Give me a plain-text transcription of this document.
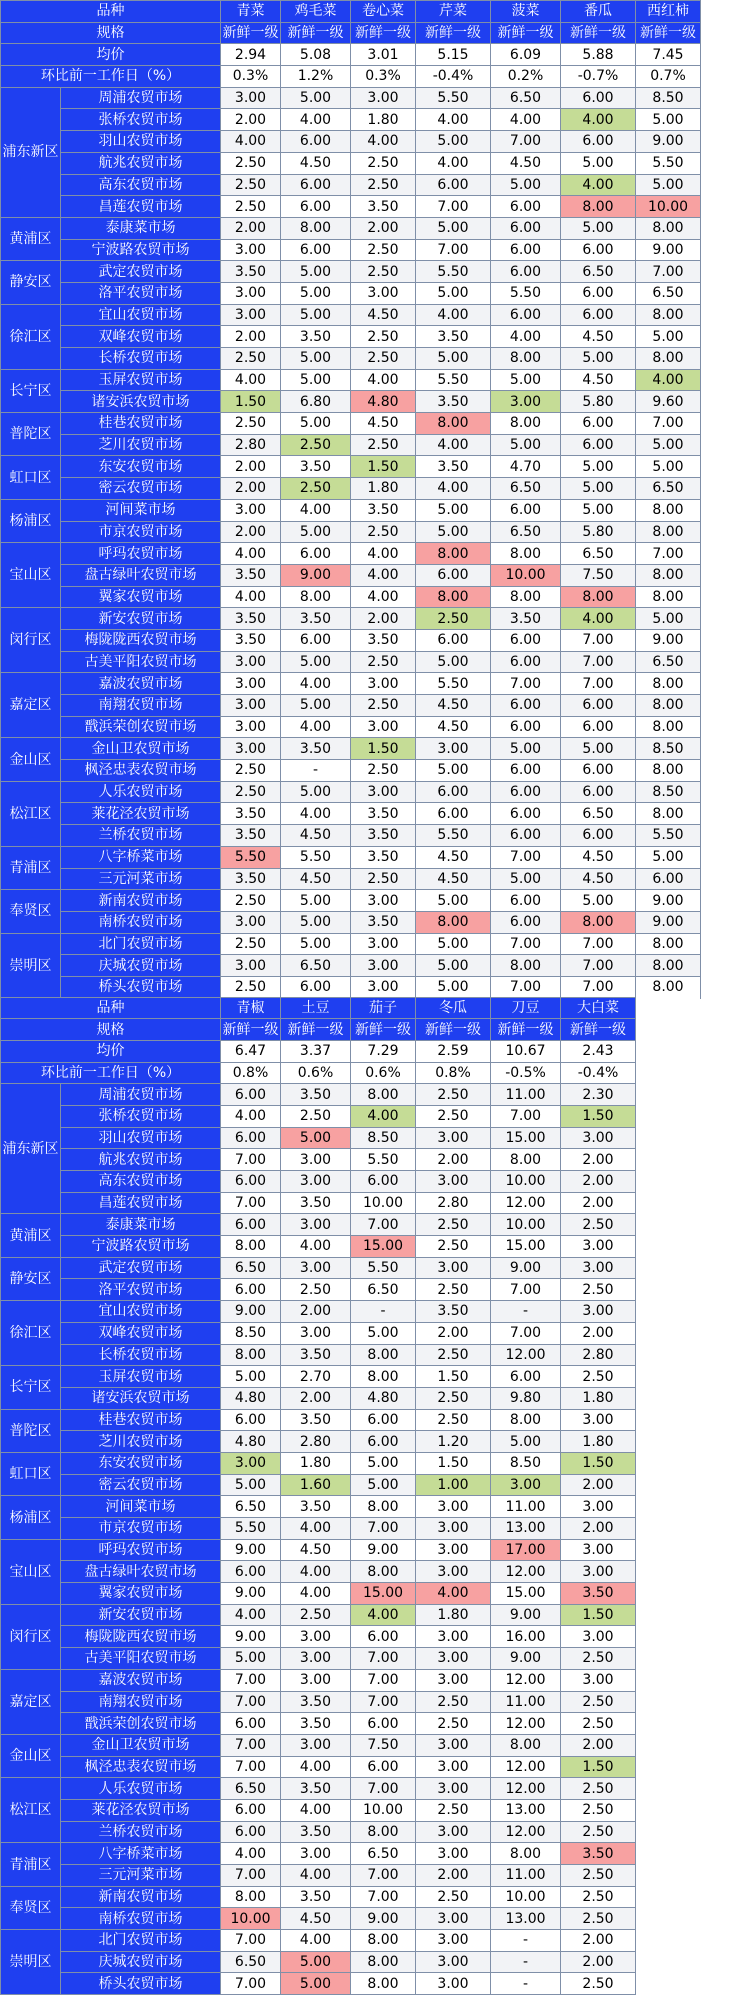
品种		青菜	鸡毛菜	卷心菜	芹菜	菠菜	番瓜	西红柿
规格		新鲜一级	新鲜一级	新鲜一级	新鲜一级	新鲜一级	新鲜一级	新鲜一级
均价		2.94	5.08	3.01	5.15	6.09	5.88	7.45
环比前一工作日（%）		0.3%	1.2%	0.3%	-0.4%	0.2%	-0.7%	0.7%
浦东新区	周浦农贸市场	3.00	5.00	3.00	5.50	6.50	6.00	8.50
	张桥农贸市场	2.00	4.00	1.80	4.00	4.00	4.00	5.00
	羽山农贸市场	4.00	6.00	4.00	5.00	7.00	6.00	9.00
	航兆农贸市场	2.50	4.50	2.50	4.00	4.50	5.00	5.50
	高东农贸市场	2.50	6.00	2.50	6.00	5.00	4.00	5.00
	昌莲农贸市场	2.50	6.00	3.50	7.00	6.00	8.00	10.00
黄浦区	泰康菜市场	2.00	8.00	2.00	5.00	6.00	5.00	8.00
	宁波路农贸市场	3.00	6.00	2.50	7.00	6.00	6.00	9.00
静安区	武定农贸市场	3.50	5.00	2.50	5.50	6.00	6.50	7.00
	洛平农贸市场	3.00	5.00	3.00	5.00	5.50	6.00	6.50
徐汇区	宜山农贸市场	3.00	5.00	4.50	4.00	6.00	6.00	8.00
	双峰农贸市场	2.00	3.50	2.50	3.50	4.00	4.50	5.00
	长桥农贸市场	2.50	5.00	2.50	5.00	8.00	5.00	8.00
长宁区	玉屏农贸市场	4.00	5.00	4.00	5.50	5.00	4.50	4.00
	诸安浜农贸市场	1.50	6.80	4.80	3.50	3.00	5.80	9.60
普陀区	桂巷农贸市场	2.50	5.00	4.50	8.00	8.00	6.00	7.00
	芝川农贸市场	2.80	2.50	2.50	4.00	5.00	6.00	5.00
虹口区	东安农贸市场	2.00	3.50	1.50	3.50	4.70	5.00	5.00
	密云农贸市场	2.00	2.50	1.80	4.00	6.50	5.00	6.50
杨浦区	河间菜市场	3.00	4.00	3.50	5.00	6.00	5.00	8.00
	市京农贸市场	2.00	5.00	2.50	5.00	6.50	5.80	8.00
宝山区	呼玛农贸市场	4.00	6.00	4.00	8.00	8.00	6.50	7.00
	盘古绿叶农贸市场	3.50	9.00	4.00	6.00	10.00	7.50	8.00
	翼家农贸市场	4.00	8.00	4.00	8.00	8.00	8.00	8.00
闵行区	新安农贸市场	3.50	3.50	2.00	2.50	3.50	4.00	5.00
	梅陇陇西农贸市场	3.50	6.00	3.50	6.00	6.00	7.00	9.00
	古美平阳农贸市场	3.00	5.00	2.50	5.00	6.00	7.00	6.50
嘉定区	嘉波农贸市场	3.00	4.00	3.00	5.50	7.00	7.00	8.00
	南翔农贸市场	3.00	5.00	2.50	4.50	6.00	6.00	8.00
	戬浜荣创农贸市场	3.00	4.00	3.00	4.50	6.00	6.00	8.00
金山区	金山卫农贸市场	3.00	3.50	1.50	3.00	5.00	5.00	8.50
	枫泾忠表农贸市场	2.50	-	2.50	5.00	6.00	6.00	8.00
松江区	人乐农贸市场	2.50	5.00	3.00	6.00	6.00	6.00	8.50
	莱花泾农贸市场	3.50	4.00	3.50	6.00	6.00	6.50	8.00
	兰桥农贸市场	3.50	4.50	3.50	5.50	6.00	6.00	5.50
青浦区	八字桥菜市场	5.50	5.50	3.50	4.50	7.00	4.50	5.00
	三元河菜市场	3.50	4.50	2.50	4.50	5.00	4.50	6.00
奉贤区	新南农贸市场	2.50	5.00	3.00	5.00	6.00	5.00	9.00
	南桥农贸市场	3.00	5.00	3.50	8.00	6.00	8.00	9.00
崇明区	北门农贸市场	2.50	5.00	3.00	5.00	7.00	7.00	8.00
	庆城农贸市场	3.00	6.50	3.00	5.00	8.00	7.00	8.00
	桥头农贸市场	2.50	6.00	3.00	5.00	7.00	7.00	8.00
品种		青椒	土豆	茄子	冬瓜	刀豆	大白菜	
规格		新鲜一级	新鲜一级	新鲜一级	新鲜一级	新鲜一级	新鲜一级	
均价		6.47	3.37	7.29	2.59	10.67	2.43	
环比前一工作日（%）		0.8%	0.6%	0.6%	0.8%	-0.5%	-0.4%	
浦东新区	周浦农贸市场	6.00	3.50	8.00	2.50	11.00	2.30	
	张桥农贸市场	4.00	2.50	4.00	2.50	7.00	1.50	
	羽山农贸市场	6.00	5.00	8.50	3.00	15.00	3.00	
	航兆农贸市场	7.00	3.00	5.50	2.00	8.00	2.00	
	高东农贸市场	6.00	3.00	6.00	3.00	10.00	2.00	
	昌莲农贸市场	7.00	3.50	10.00	2.80	12.00	2.00	
黄浦区	泰康菜市场	6.00	3.00	7.00	2.50	10.00	2.50	
	宁波路农贸市场	8.00	4.00	15.00	2.50	15.00	3.00	
静安区	武定农贸市场	6.50	3.00	5.50	3.00	9.00	3.00	
	洛平农贸市场	6.00	2.50	6.50	2.50	7.00	2.50	
徐汇区	宜山农贸市场	9.00	2.00	-	3.50	-	3.00	
	双峰农贸市场	8.50	3.00	5.00	2.00	7.00	2.00	
	长桥农贸市场	8.00	3.50	8.00	2.50	12.00	2.80	
长宁区	玉屏农贸市场	5.00	2.70	8.00	1.50	6.00	2.50	
	诸安浜农贸市场	4.80	2.00	4.80	2.50	9.80	1.80	
普陀区	桂巷农贸市场	6.00	3.50	6.00	2.50	8.00	3.00	
	芝川农贸市场	4.80	2.80	6.00	1.20	5.00	1.80	
虹口区	东安农贸市场	3.00	1.80	5.00	1.50	8.50	1.50	
	密云农贸市场	5.00	1.60	5.00	1.00	3.00	2.00	
杨浦区	河间菜市场	6.50	3.50	8.00	3.00	11.00	3.00	
	市京农贸市场	5.50	4.00	7.00	3.00	13.00	2.00	
宝山区	呼玛农贸市场	9.00	4.50	9.00	3.00	17.00	3.00	
	盘古绿叶农贸市场	6.00	4.00	8.00	3.00	12.00	3.00	
	翼家农贸市场	9.00	4.00	15.00	4.00	15.00	3.50	
闵行区	新安农贸市场	4.00	2.50	4.00	1.80	9.00	1.50	
	梅陇陇西农贸市场	9.00	3.00	6.00	3.00	16.00	3.00	
	古美平阳农贸市场	5.00	3.00	7.00	3.00	9.00	2.50	
嘉定区	嘉波农贸市场	7.00	3.00	7.00	3.00	12.00	3.00	
	南翔农贸市场	7.00	3.50	7.00	2.50	11.00	2.50	
	戬浜荣创农贸市场	6.00	3.50	6.00	2.50	12.00	2.50	
金山区	金山卫农贸市场	7.00	3.00	7.50	3.00	8.00	2.00	
	枫泾忠表农贸市场	7.00	4.00	6.00	3.00	12.00	1.50	
松江区	人乐农贸市场	6.50	3.50	7.00	3.00	12.00	2.50	
	莱花泾农贸市场	6.00	4.00	10.00	2.50	13.00	2.50	
	兰桥农贸市场	6.00	3.50	8.00	3.00	12.00	2.50	
青浦区	八字桥菜市场	4.00	3.00	6.50	3.00	8.00	3.50	
	三元河菜市场	7.00	4.00	7.00	2.00	11.00	2.50	
奉贤区	新南农贸市场	8.00	3.50	7.00	2.50	10.00	2.50	
	南桥农贸市场	10.00	4.50	9.00	3.00	13.00	2.50	
崇明区	北门农贸市场	7.00	4.00	8.00	3.00	-	2.00	
	庆城农贸市场	6.50	5.00	8.00	3.00	-	2.00	
	桥头农贸市场	7.00	5.00	8.00	3.00	-	2.50	
